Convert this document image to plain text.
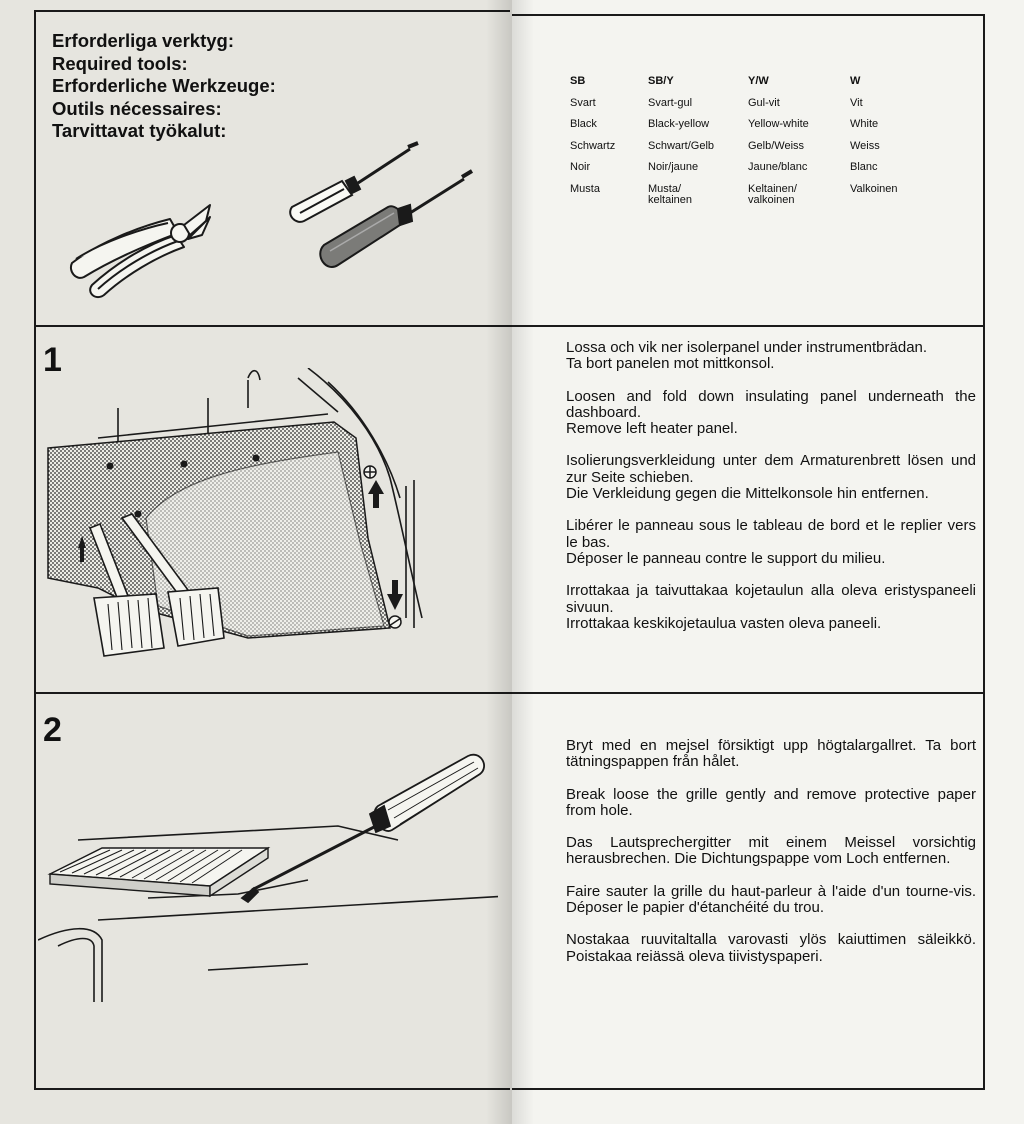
Erforderliga verktyg:
Required tools:
Erforderliche Werkzeuge:
Outils nécessaires:
Tarvittavat työkalut:
1
2
SB
Svart
Black
Schwartz
Noir
Musta
SB/Y
Svart-gul
Black-yellow
Schwart/Gelb
Noir/jaune
Musta/ keltainen
Y/W
Gul-vit
Yellow-white
Gelb/Weiss
Jaune/blanc
Keltainen/ valkoinen
W
Vit
White
Weiss
Blanc
Valkoinen
Lossa och vik ner isolerpanel under instrumentbrädan.
Ta bort panelen mot mittkonsol.
Loosen and fold down insulating panel underneath the dashboard.
Remove left heater panel.
Isolierungsverkleidung unter dem Armaturenbrett lösen und zur Seite schieben.
Die Verkleidung gegen die Mittelkonsole hin entfernen.
Libérer le panneau sous le tableau de bord et le replier vers le bas.
Déposer le panneau contre le support du milieu.
Irrottakaa ja taivuttakaa kojetaulun alla oleva eristyspaneeli sivuun.
Irrottakaa keskikojetaulua vasten oleva paneeli.

Bryt med en mejsel försiktigt upp högtalargallret. Ta bort tätningspappen från hålet.

Break loose the grille gently and remove protective paper from hole.

Das Lautsprechergitter mit einem Meissel vorsichtig herausbrechen. Die Dichtungspappe vom Loch entfernen.

Faire sauter la grille du haut-parleur à l'aide d'un tourne-vis. Déposer le papier d'étanchéité du trou.

Nostakaa ruuvitaltalla varovasti ylös kaiuttimen säleikkö. Poistakaa reiässä oleva tiivistyspaperi.
